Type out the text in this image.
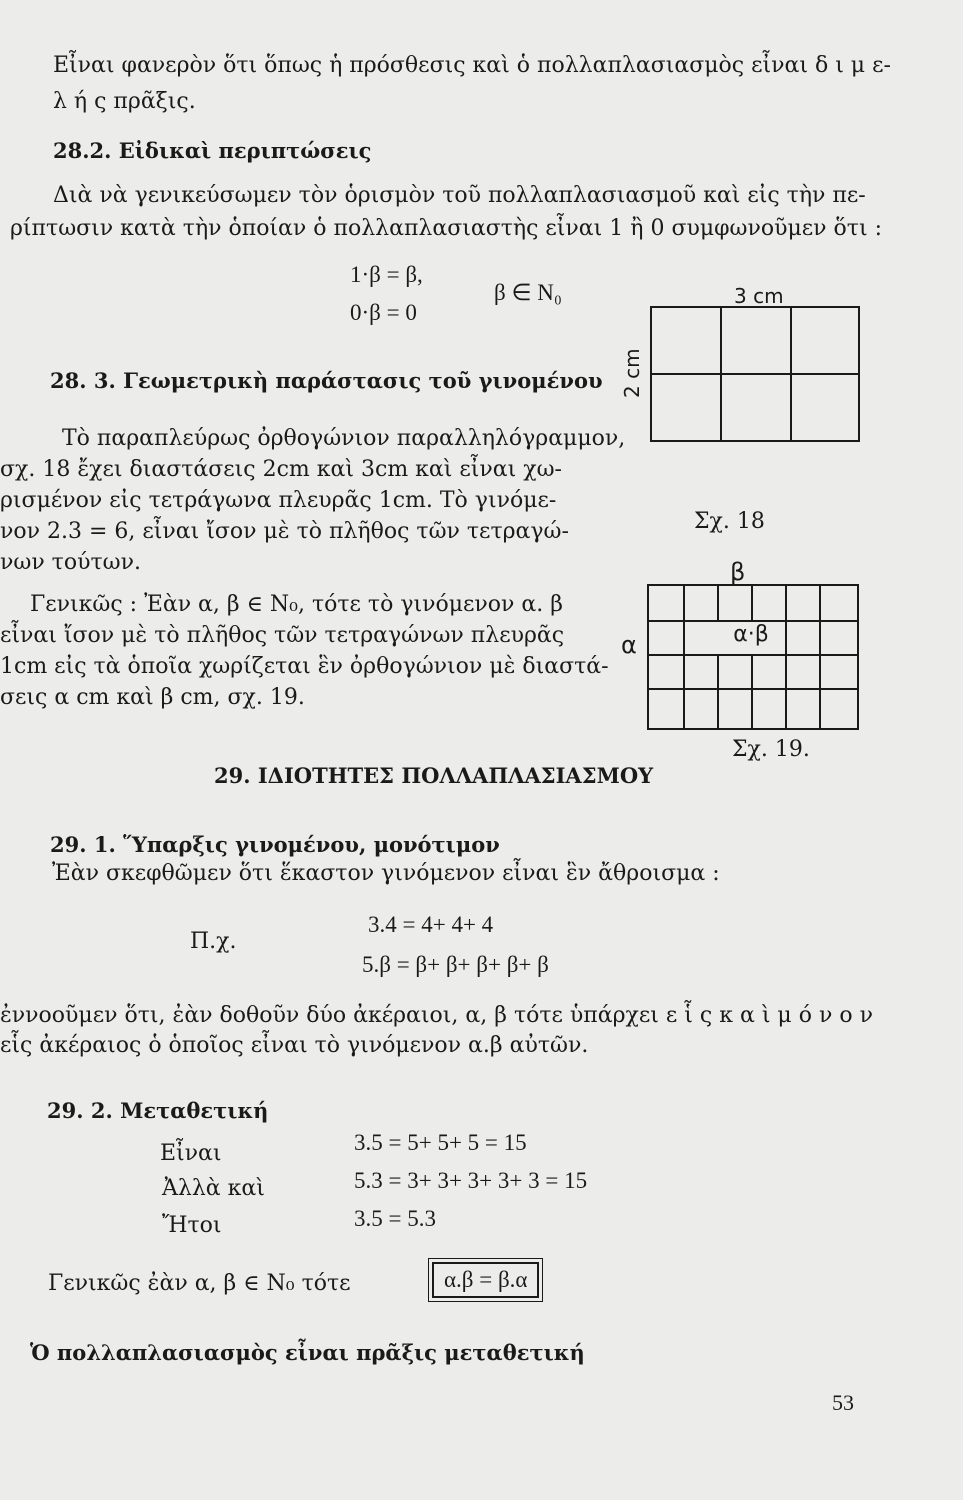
Εἶναι φανερὸν ὅτι ὅπως ἡ πρόσθεσις καὶ ὁ πολλαπλασιασμὸς εἶναι δ ι μ ε-
λ ή ς πρᾶξις.
28.2. Εἰδικαὶ περιπτώσεις
Διὰ νὰ γενικεύσωμεν τὸν ὁρισμὸν τοῦ πολλαπλασιασμοῦ καὶ εἰς τὴν πε-
ρίπτωσιν κατὰ τὴν ὁποίαν ὁ πολλαπλασιαστὴς εἶναι 1 ἢ 0 συμφωνοῦμεν ὅτι :
1·β = β,
0·β = 0
β ∈ N₀
28. 3. Γεωμετρικὴ παράστασις τοῦ γινομένου
Τὸ παραπλεύρως ὀρθογώνιον παραλληλόγραμμον,
σχ. 18 ἔχει διαστάσεις 2cm καὶ 3cm καὶ εἶναι χω-
ρισμένον εἰς τετράγωνα πλευρᾶς 1cm. Τὸ γινόμε-
νον 2.3 = 6, εἶναι ἴσον μὲ τὸ πλῆθος τῶν τετραγώ-
νων τούτων.
Γενικῶς : Ἐὰν α, β ∈ N₀, τότε τὸ γινόμενον α. β
εἶναι ἴσον μὲ τὸ πλῆθος τῶν τετραγώνων πλευρᾶς
1cm εἰς τὰ ὁποῖα χωρίζεται ἓν ὀρθογώνιον μὲ διαστά-
σεις α cm καὶ β cm, σχ. 19.
3 cm
2 cm
Σχ. 18
β
α	α·β
Σχ. 19.
29. ΙΔΙΟΤΗΤΕΣ ΠΟΛΛΑΠΛΑΣΙΑΣΜΟΥ
29. 1. Ὕπαρξις γινομένου, μονότιμον
Ἐὰν σκεφθῶμεν ὅτι ἕκαστον γινόμενον εἶναι ἓν ἄθροισμα :
Π.χ.
3.4 = 4+ 4+ 4
5.β = β+ β+ β+ β+ β
ἐννοοῦμεν ὅτι, ἐὰν δοθοῦν δύο ἀκέραιοι, α, β τότε ὑπάρχει ε ἷ ς κ α ὶ μ ό ν ο ν
εἷς ἀκέραιος ὁ ὁποῖος εἶναι τὸ γινόμενον α.β αὐτῶν.
29. 2. Μεταθετική
Εἶναι	3.5 = 5+ 5+ 5 = 15
Ἀλλὰ καὶ	5.3 = 3+ 3+ 3+ 3+ 3 = 15
Ἤτοι	3.5 = 5.3
Γενικῶς ἐὰν α, β ∈ N₀ τότε	α.β = β.α
Ὁ πολλαπλασιασμὸς εἶναι πρᾶξις μεταθετική
53
